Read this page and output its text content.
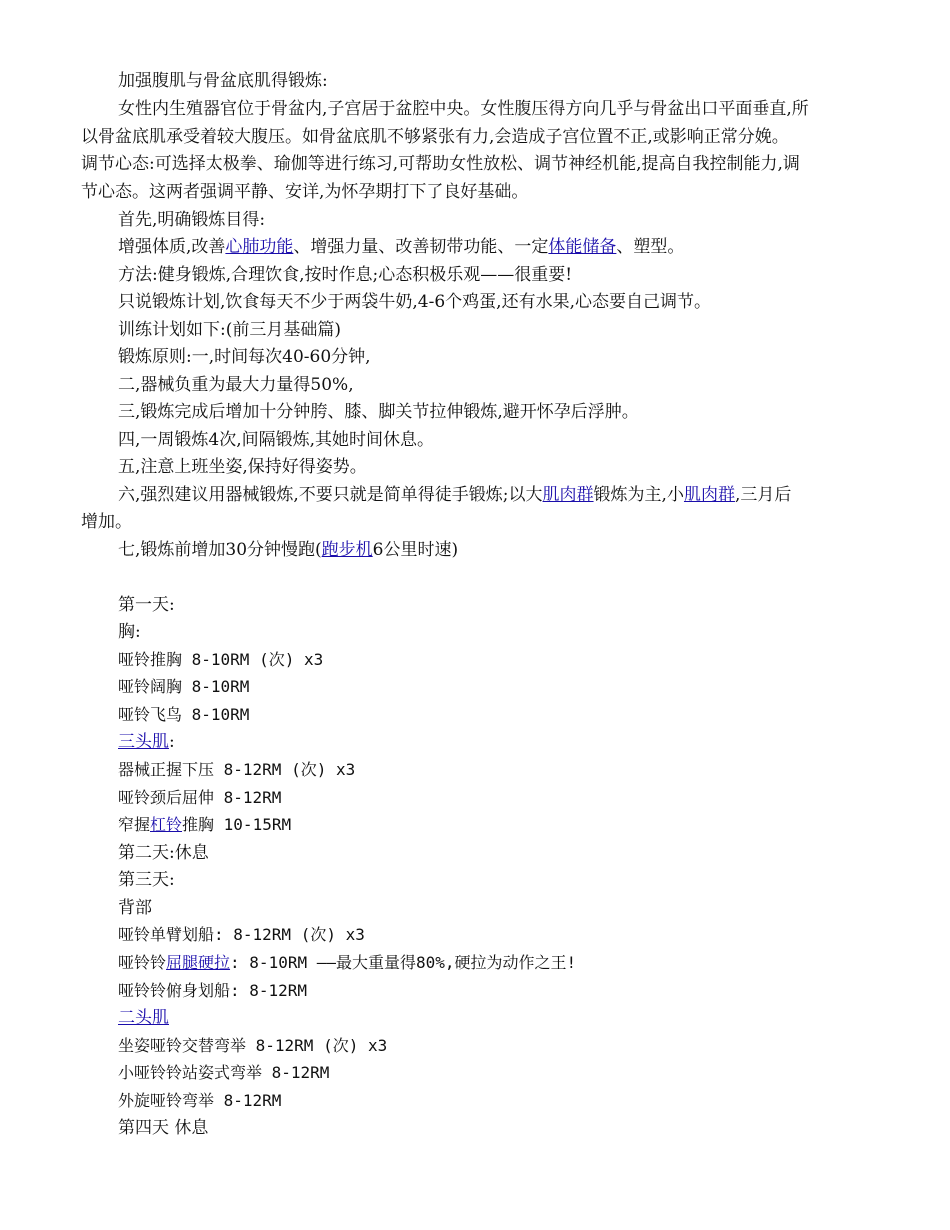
加强腹肌与骨盆底肌得锻炼:
女性内生殖器官位于骨盆内,子宫居于盆腔中央。女性腹压得方向几乎与骨盆出口平面垂直,所
以骨盆底肌承受着较大腹压。如骨盆底肌不够紧张有力,会造成子宫位置不正,或影响正常分娩。
调节心态:可选择太极拳、瑜伽等进行练习,可帮助女性放松、调节神经机能,提高自我控制能力,调
节心态。这两者强调平静、安详,为怀孕期打下了良好基础。
首先,明确锻炼目得:
增强体质,改善心肺功能、增强力量、改善韧带功能、一定体能储备、塑型。
方法:健身锻炼,合理饮食,按时作息;心态积极乐观——很重要!
只说锻炼计划,饮食每天不少于两袋牛奶,4-6个鸡蛋,还有水果,心态要自己调节。
训练计划如下:(前三月基础篇)
锻炼原则:一,时间每次40-60分钟,
二,器械负重为最大力量得50%,
三,锻炼完成后增加十分钟胯、膝、脚关节拉伸锻炼,避开怀孕后浮肿。
四,一周锻炼4次,间隔锻炼,其她时间休息。
五,注意上班坐姿,保持好得姿势。
六,强烈建议用器械锻炼,不要只就是简单得徒手锻炼;以大肌肉群锻炼为主,小肌肉群,三月后
增加。
七,锻炼前增加30分钟慢跑(跑步机6公里时速)
第一天:
胸:
哑铃推胸 8-10RM (次) x3
哑铃阔胸 8-10RM
哑铃飞鸟 8-10RM
三头肌:
器械正握下压 8-12RM (次) x3
哑铃颈后屈伸 8-12RM
窄握杠铃推胸 10-15RM
第二天:休息
第三天:
背部
哑铃单臂划船: 8-12RM (次) x3
哑铃铃屈腿硬拉: 8-10RM ——最大重量得80%,硬拉为动作之王!
哑铃铃俯身划船: 8-12RM
二头肌
坐姿哑铃交替弯举 8-12RM (次) x3
小哑铃铃站姿式弯举 8-12RM
外旋哑铃弯举 8-12RM
第四天 休息
